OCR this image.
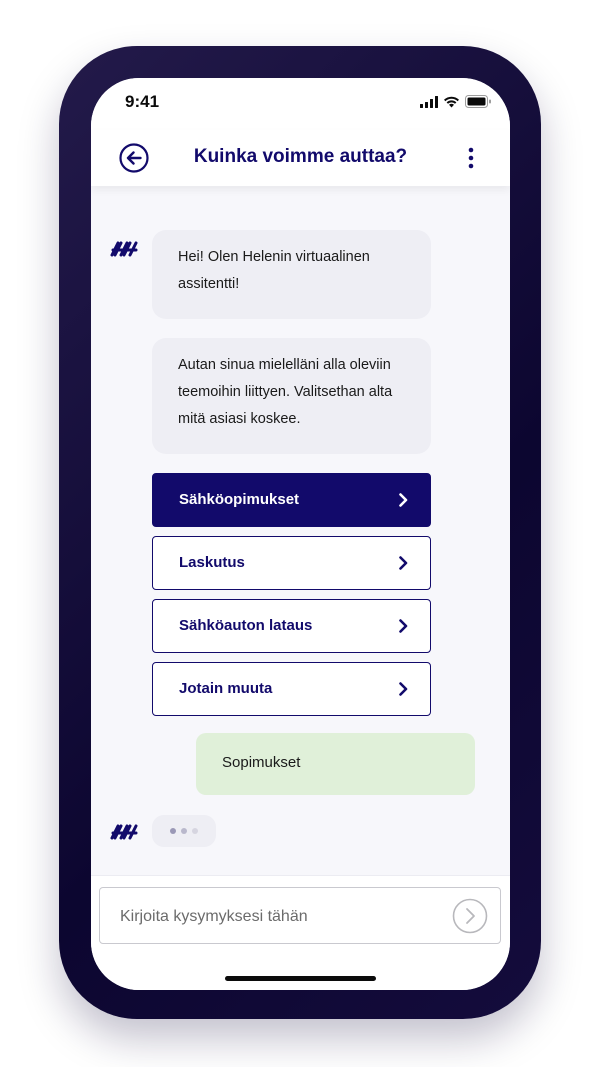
9:41
Kuinka voimme auttaa?
Hei! Olen Helenin virtuaalinen assitentti!
Autan sinua mielelläni alla oleviin teemoihin liittyen. Valitsethan alta mitä asiasi koskee.
Sähköopimukset
Laskutus
Sähköauton lataus
Jotain muuta
Sopimukset
Kirjoita kysymyksesi tähän
